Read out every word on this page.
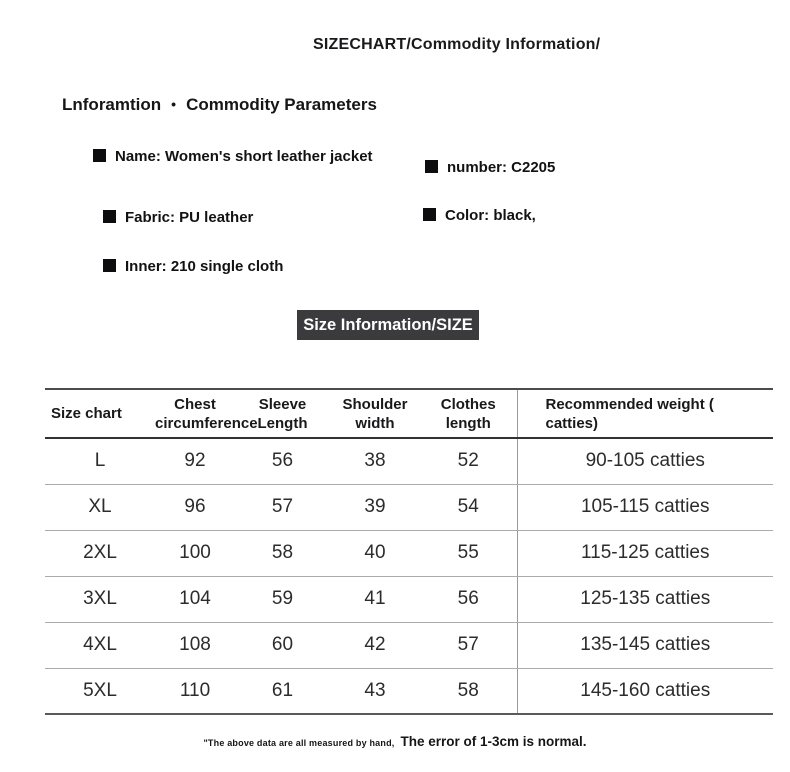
SIZECHART/Commodity Information/
Lnforamtion • Commodity Parameters
Name: Women's short leather jacket
number: C2205
Fabric: PU leather	Color: black,
Inner: 210 single cloth
Size Information/SIZE
Size chart	Chest circumference	Sleeve Length	Shoulder width	Clothes length	Recommended weight ( catties)
L	92	56	38	52	90-105 catties
XL	96	57	39	54	105-115 catties
2XL	100	58	40	55	115-125 catties
3XL	104	59	41	56	125-135 catties
4XL	108	60	42	57	135-145 catties
5XL	110	61	43	58	145-160 catties
"The above data are all measured by hand, The error of 1-3cm is normal.
